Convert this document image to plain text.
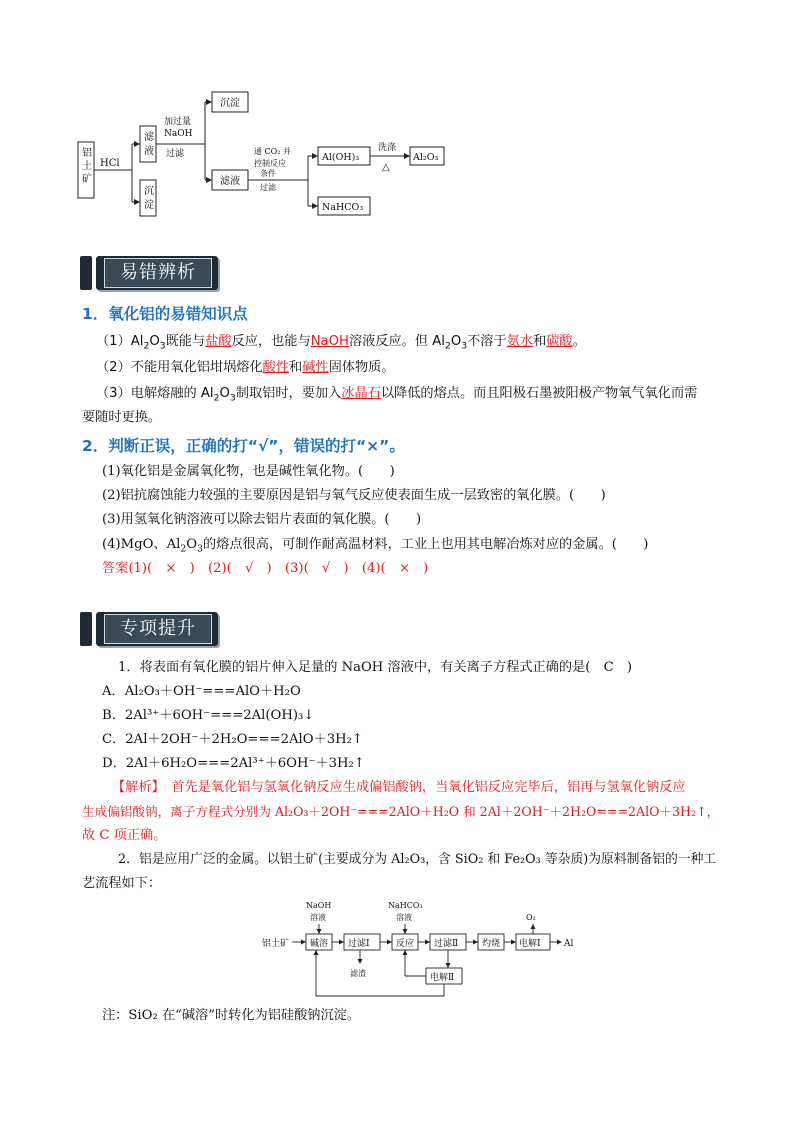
铝土矿
HCl
滤液
沉淀
加过量
NaOH
过滤
沉淀
滤液
通 CO₂ 并
控制反应
条件
过滤
Al(OH)₃
洗涤
△
Al₂O₃
NaHCO₃
易错辨析
1．氧化铝的易错知识点
$(1)Al_2O_3$既能与盐酸反应，也能与NaOH溶液反应。但 $Al_2O_3$不溶于氨水和碳酸。
（2）不能用氧化铝坩埚熔化酸性和碱性固体物质。
（3）电解熔融的 $Al_2O_3$制取铝时，要加入冰晶石以降低的熔点。而且阳极石墨被阳极产物氧气氧化而需
要随时更换。
2．判断正误，正确的打“√”，错误的打“×”。
(1)氧化铝是金属氧化物，也是碱性氧化物。(　　)
(2)铝抗腐蚀能力较强的主要原因是铝与氧气反应使表面生成一层致密的氧化膜。(　　)
(3)用氢氧化钠溶液可以除去铝片表面的氧化膜。(　　)
(4)MgO、$Al_2O_3$的熔点很高，可制作耐高温材料，工业上也用其电解冶炼对应的金属。(　　)
答案(1)(　×　)　(2)(　√　)　(3)(　√　)　(4)(　×　)
专项提升
1．将表面有氧化膜的铝片伸入足量的 NaOH 溶液中，有关离子方程式正确的是(　C　)
A．Al₂O₃＋OH⁻===AlO＋H₂O
B．2Al³⁺＋6OH⁻===2Al(OH)₃↓
C．2Al＋2OH⁻＋2H₂O===2AlO＋3H₂↑
D．2Al＋6H₂O===2Al³⁺＋6OH⁻＋3H₂↑
【解析】　首先是氧化铝与氢氧化钠反应生成偏铝酸钠，当氧化铝反应完毕后，铝再与氢氧化钠反应
生成偏铝酸钠，离子方程式分别为 Al₂O₃＋2OH⁻===2AlO＋H₂O 和 2Al＋2OH⁻＋2H₂O===2AlO＋3H₂↑，
故 C 项正确。
2．铝是应用广泛的金属。以铝土矿(主要成分为 Al₂O₃，含 SiO₂ 和 Fe₂O₃ 等杂质)为原料制备铝的一种工
艺流程如下：
铝土矿 碱溶 过滤Ⅰ	反应 过滤Ⅱ	灼烧 电解Ⅰ	Al
NaOH
溶液
NaHCO₃
溶液
滤渣
O₂
电解Ⅱ
注：SiO₂ 在“碱溶”时转化为铝硅酸钠沉淀。
